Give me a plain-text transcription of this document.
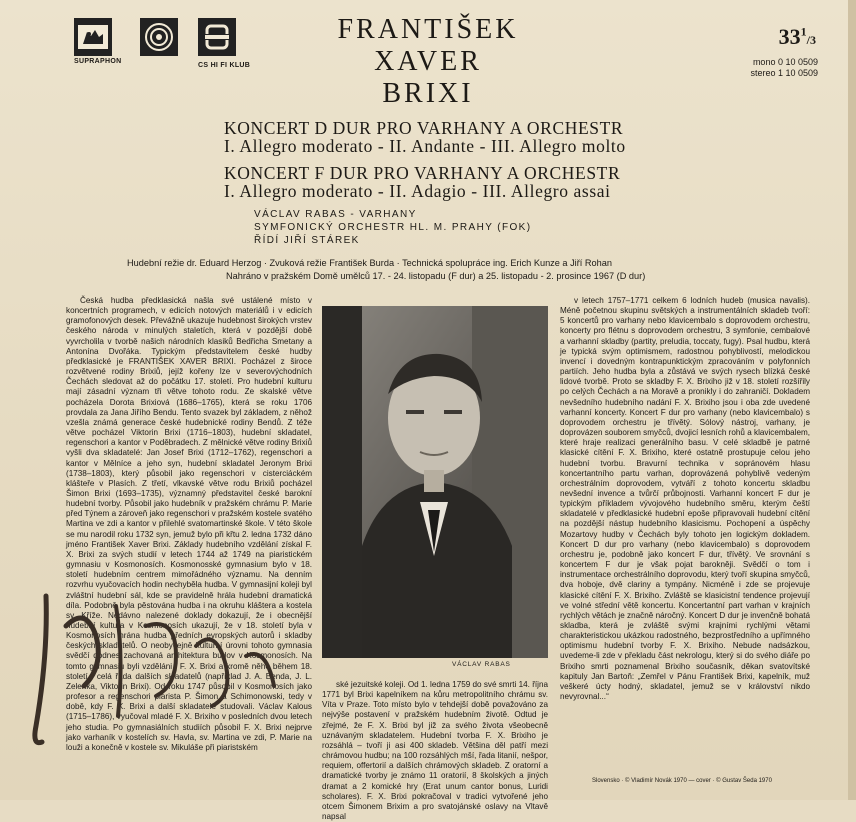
SUPRAPHON
CS HI FI KLUB
FRANTIŠEK
XAVER
BRIXI
$33^1/3$
mono 0 10 0509
stereo 1 10 0509
KONCERT D DUR PRO VARHANY A ORCHESTR
I. Allegro moderato - II. Andante - III. Allegro molto
KONCERT F DUR PRO VARHANY A ORCHESTR
I. Allegro moderato - II. Adagio - III. Allegro assai
VÁCLAV RABAS - VARHANY
SYMFONICKÝ ORCHESTR HL. M. PRAHY (FOK)
ŘÍDÍ JIŘÍ STÁREK
Hudební režie dr. Eduard Herzog · Zvuková režie František Burda · Technická spolupráce ing. Erich Kunze a Jiří Rohan
Nahráno v pražském Domě umělců 17. - 24. listopadu (F dur) a 25. listopadu - 2. prosince 1967 (D dur)

Česká hudba předklasická našla své ustálené místo v koncertních programech, v edicích notových materiálů i v edicích gramofonových desek. Převážně ukazuje hudebnost širokých vrstev českého národa v minulých staletích, která v pozdější době vyvrcholila v tvorbě našich národních klasiků Bedřicha Smetany a Antonína Dvořáka. Typickým představitelem české hudby předklasické je FRANTIŠEK XAVER BRIXI. Pocházel z široce rozvětvené rodiny Brixiů, jejíž kořeny lze v severovýchodních Čechách sledovat až do počátku 17. století. Pro hudební kulturu mají zásadní význam tři větve tohoto rodu. Ze skalské větve pocházela Dorota Brixiová (1686–1765), která se roku 1706 provdala za Jana Jiřího Bendu. Tento svazek byl základem, z něhož vzešla známá generace české hudebnické rodiny Bendů. Z téže větve pocházel Viktorin Brixi (1716–1803), hudební skladatel, regenschori a kantor v Poděbradech. Z mělnické větve rodiny Brixiů vyšli dva skladatelé: Jan Josef Brixi (1712–1762), regenschori a kantor v Mělníce a jeho syn, hudební skladatel Jeronym Brixi (1738–1803), který působil jako regenschori v cisterciáckém klášteře v Plasích. Z třetí, vlkavské větve rodu Brixiů pocházel Šimon Brixi (1693–1735), významný představitel české barokní hudební tvorby. Působil jako hudebník v pražském chrámu P. Marie před Týnem a zároveň jako regenschori v pražském kostele svatého Martina ve zdi a kantor v přilehlé svatomartinské škole. V této škole se mu narodil roku 1732 syn, jemuž bylo při křtu 2. ledna 1732 dáno jméno František Xaver Brixi. Základy hudebního vzdělání získal F. X. Brixi za svých studií v letech 1744 až 1749 na piaristickém gymnasiu v Kosmonosích. Kosmonosské gymnasium bylo v 18. století hudebním centrem mimořádného významu. Na denním rozvrhu vyučovacích hodin nechyběla hudba. V gymnasijní koleji byl zvláštní hudební sál, kde se pravidelně hrála hudební dramatická díla. Podobně byla pěstována hudba i na okruhu kláštera a kostela sv. Kříže. Nedávno nalezené doklady dokazují, že i obecnější hudební kultura v Kosmonosích ukazují, že v 18. století byla v Kosmonosích hrána hudba předních evropských autorů i skladby českých skladatelů. O neobyčejně kulturní úrovni tohoto gymnasia svědčí dodnes zachovaná architektura budov v Kosmonosích. Na tomto gymnasiu byli vzděláni i F. X. Brixi a kromě něho během 18. století i celá řada dalších skladatelů (například J. A. Benda, J. L. Zelenka, Viktorin Brixi). Od roku 1747 působil v Kosmonosích jako profesor a regenschori piarista P. Šimon a Schimonowski, tedy v době, kdy F. X. Brixi a další skladatelé studovali. Václav Kalous (1715–1786), vyučoval mladé F. X. Brixiho v posledních dvou letech jeho studia. Po gymnasiálních studiích působil F. X. Brixi nejprve jako varhaník v kostelích sv. Havla, sv. Martina ve zdi, P. Marie na louži a konečně v kostele sv. Mikuláše při piaristském

VÁCLAV RABAS

ské jezuitské koleji. Od 1. ledna 1759 do své smrti 14. října 1771 byl Brixi kapelníkem na kůru metropolitního chrámu sv. Víta v Praze. Toto místo bylo v tehdejší době považováno za nejvýše postavení v pražském hudebním životě. Odtud je zřejmé, že F. X. Brixi byl již za svého života všeobecně uznávaným skladatelem. Hudební tvorba F. X. Brixiho je rozsáhlá – tvoří ji asi 400 skladeb. Většina děl patří mezi chrámovou hudbu; na 100 rozsáhlých mší, řada litanií, nešpor, requiem, offertorií a dalších chrámových skladeb. Z oratorní a dramatické tvorby je známo 11 oratorií, 8 školských a jiných dramat a 2 komické hry (Erat unum cantor bonus, Luridi scholares). F. X. Brixi pokračoval v tradici vytvořené jeho otcem Šimonem Brixim a pro svatojánské oslavy na Vltavě napsal

v letech 1757–1771 celkem 6 lodních hudeb (musica navalis). Méně početnou skupinu světských a instrumentálních skladeb tvoří: 5 koncertů pro varhany nebo klavicembalo s doprovodem orchestru, koncerty pro flétnu s doprovodem orchestru, 3 symfonie, cembalové a varhanní skladby (partity, preludia, toccaty, fugy). Psal hudbu, která je typická svým optimismem, radostnou pohyblivostí, melodickou invencí i dovedným kontrapunktickým zpracováním v polyfonních partiích. Jeho hudba byla a zůstává ve svých rysech blízká české lidové tvorbě. Proto se skladby F. X. Brixiho již v 18. století rozšířily po celých Čechách a na Moravě a pronikly i do zahraničí. Dokladem nevšedního hudebního nadání F. X. Brixiho jsou i oba zde uvedené varhanní koncerty. Koncert F dur pro varhany (nebo klavicembalo) s doprovodem orchestru je třívětý. Sólový nástroj, varhany, je doprovázen souborem smyčců, dvojicí lesních rohů a klavicembalem, které hraje realizaci generálního basu. V celé skladbě je patrné klasické cítění F. X. Brixiho, které ostatně prostupuje celou jeho hudební tvorbu. Bravurní technika v sopránovém hlasu koncertantního partu varhan, doprovázená pohyblivě vedeným orchestrálním doprovodem, vytváří z tohoto koncertu skladbu nevšední invence a tvůrčí průbojnosti. Varhanní koncert F dur je typickým příkladem vývojového hudebního směru, kterým čeští skladatelé v předklasické hudební epoše připravovali hudební cítění na pozdější nástup hudebního klasicismu. Pochopení a úspěchy Mozartovy hudby v Čechách byly tohoto jen logickým dokladem. Koncert D dur pro varhany (nebo klavicembalo) s doprovodem orchestru je, podobně jako koncert F dur, třívětý. Ve srovnání s koncertem F dur je však pojat barokněji. Svědčí o tom i instrumentace orchestrálního doprovodu, který tvoří skupina smyčců, dva hoboje, dvě clariny a tympány. Nicméně i zde se projevuje klasické cítění F. X. Brixiho. Zvláště se klasicistní tendence projevují ve volné střední větě koncertu. Koncertantní part varhan v krajních rychlých větách je značně náročný. Koncert D dur je invenčně bohatá skladba, která je zvláště svými krajními rychlými větami charakteristickou ukázkou radostného, bezprostředního a upřímného optimismu hudební tvorby F. X. Brixiho. Nebude nadsázkou, uvedeme-li zde v překladu část nekrologu, který si do svého diáře po Brixiho smrti poznamenal Brixiho současník, děkan svatovítské kapituly Jan Bartoň: „Zemřel v Pánu František Brixi, kapelník, muž veškeré úcty hodný, skladatel, jemuž se v království nikdo nevyrovnal...“

Slovensko · © Vladimír Novák 1970 — cover · © Gustav Šeda 1970
